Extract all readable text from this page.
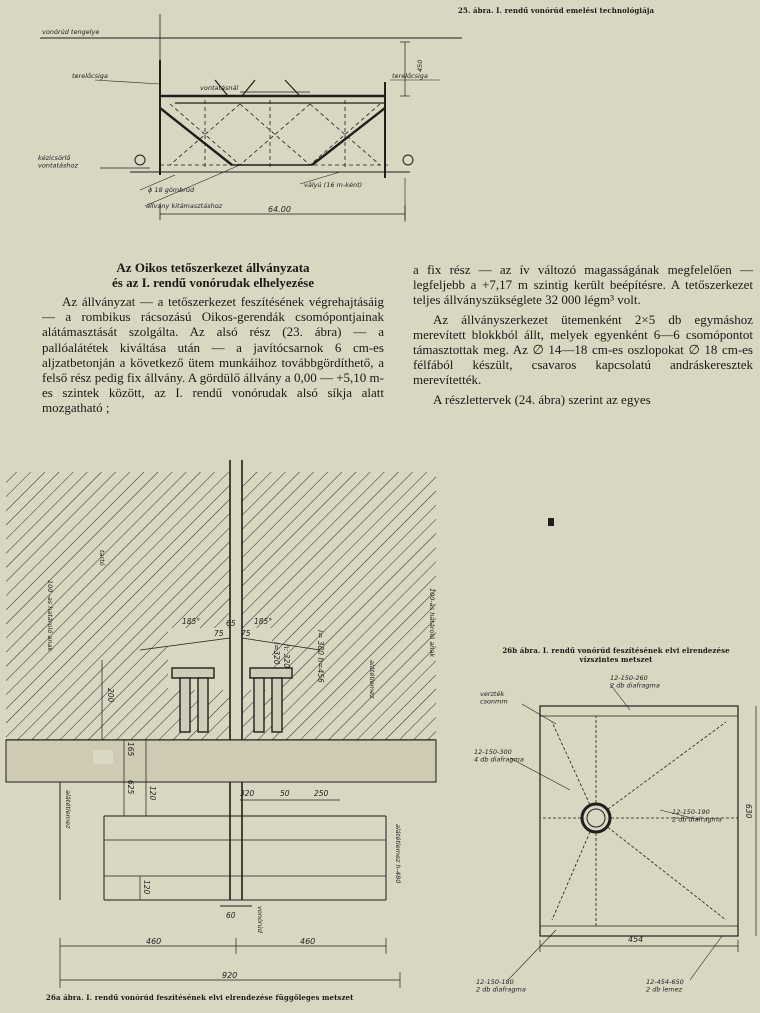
vonórúd tengelye
terelőcsiga	terelőcsiga
vontatásnál
450
kézicsörlő vontatáshoz
ϕ 18 gömbrúd
állvány kitámasztáshoz
vályú (16 m-ként)
64.00
25. ábra. I. rendű vonórúd emelési technológiája
Az Oikos tetőszerkezet állványzata
és az I. rendű vonórudak elhelyezése

Az állványzat — a tetőszerkezet feszítésének végrehajtásáig — a rombikus rácsozású Oikos-gerendák csomópontjainak alátámasztását szolgálta. Az alsó rész (23. ábra) — a pallóalátétek kiváltása után — a javítócsarnok 6 cm-es aljzatbetonján a következő ütem munkáihoz továbbgördíthető, a felső rész pedig fix állvány. A gördülő állvány a 0,00 — +5,10 m-es szintek között, az I. rendű vonórudak alsó síkja alatt mozgatható ;

a fix rész — az ív változó magasságának megfelelően — legfeljebb a +7,17 m szintig került beépítésre. A tetőszerkezet teljes állványszükséglete 32 000 légm³ volt.

Az állványszerkezet ütemenként 2×5 db egymáshoz merevített blokkból állt, melyek egyenként 6—6 csomópontot támasztottak meg. Az ∅ 14—18 cm-es oszlopokat ∅ 18 cm-es félfából készült, csavaros kapcsolatú andráskeresztek merevítették.

A részlettervek (24. ábra) szerint az egyes

tartó
100 -as határoló anak	100-as határoló anak
185°	185°
65
75 75
l=320 h: 320	i= 380 h=456	alátétlemez
200
165
120
625	320	50	250
alátétlemez
alátétlemez h-480
120
60	vonórúd
460	460
920
26a ábra. I. rendű vonórúd feszítésének elvi elrendezése függőleges metszet
verzték csonmm
12-150-260 2 db diafragma
12-150-300 4 db diafragma
12-150-190 2 db diafragma
630
454
12-150-180 2 db diafragma
12-454-650 2 db lemez
26b ábra. I. rendű vonórúd feszítésének elvi elrendezése
vízszintes metszet
